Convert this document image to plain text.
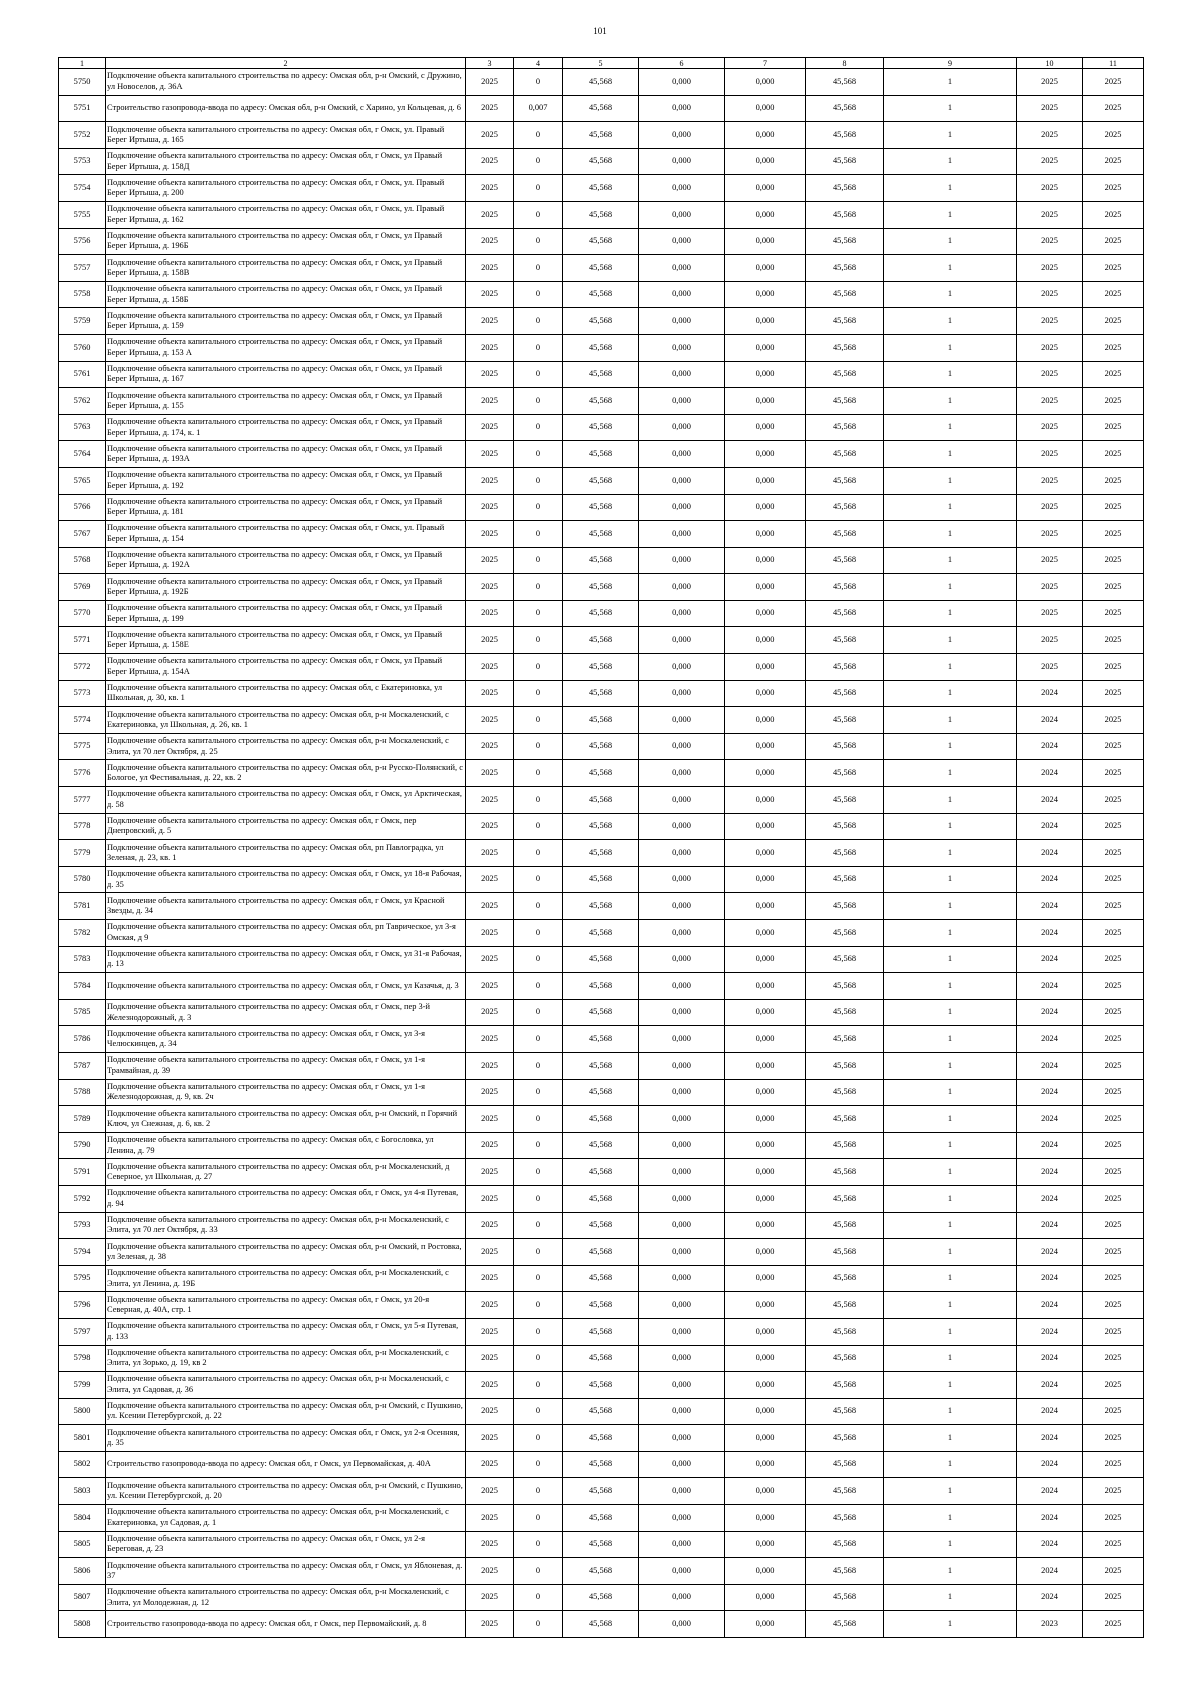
101
1	2	3	4	5	6	7	8	9	10	11
5750	Подключение объекта капитального строительства по адресу: Омская обл, р-н Омский, с Дружино, ул Новоселов, д. 36А	2025	0	45,568	0,000	0,000	45,568	1	2025	2025
5751	Строительство газопровода-ввода по адресу: Омская обл, р-н Омский, с Харино, ул Кольцевая, д. 6	2025	0,007	45,568	0,000	0,000	45,568	1	2025	2025
5752	Подключение объекта капитального строительства по адресу: Омская обл, г Омск, ул. Правый Берег Иртыша, д. 165	2025	0	45,568	0,000	0,000	45,568	1	2025	2025
5753	Подключение объекта капитального строительства по адресу: Омская обл, г Омск, ул Правый Берег Иртыша, д. 158Д	2025	0	45,568	0,000	0,000	45,568	1	2025	2025
5754	Подключение объекта капитального строительства по адресу: Омская обл, г Омск, ул. Правый Берег Иртыша, д. 200	2025	0	45,568	0,000	0,000	45,568	1	2025	2025
5755	Подключение объекта капитального строительства по адресу: Омская обл, г Омск, ул. Правый Берег Иртыша, д. 162	2025	0	45,568	0,000	0,000	45,568	1	2025	2025
5756	Подключение объекта капитального строительства по адресу: Омская обл, г Омск, ул Правый Берег Иртыша, д. 196Б	2025	0	45,568	0,000	0,000	45,568	1	2025	2025
5757	Подключение объекта капитального строительства по адресу: Омская обл, г Омск, ул Правый Берег Иртыша, д. 158В	2025	0	45,568	0,000	0,000	45,568	1	2025	2025
5758	Подключение объекта капитального строительства по адресу: Омская обл, г Омск, ул Правый Берег Иртыша, д. 158Б	2025	0	45,568	0,000	0,000	45,568	1	2025	2025
5759	Подключение объекта капитального строительства по адресу: Омская обл, г Омск, ул Правый Берег Иртыша, д. 159	2025	0	45,568	0,000	0,000	45,568	1	2025	2025
5760	Подключение объекта капитального строительства по адресу: Омская обл, г Омск, ул Правый Берег Иртыша, д. 153 А	2025	0	45,568	0,000	0,000	45,568	1	2025	2025
5761	Подключение объекта капитального строительства по адресу: Омская обл, г Омск, ул Правый Берег Иртыша, д. 167	2025	0	45,568	0,000	0,000	45,568	1	2025	2025
5762	Подключение объекта капитального строительства по адресу: Омская обл, г Омск, ул Правый Берег Иртыша, д. 155	2025	0	45,568	0,000	0,000	45,568	1	2025	2025
5763	Подключение объекта капитального строительства по адресу: Омская обл, г Омск, ул Правый Берег Иртыша, д. 174, к. 1	2025	0	45,568	0,000	0,000	45,568	1	2025	2025
5764	Подключение объекта капитального строительства по адресу: Омская обл, г Омск, ул Правый Берег Иртыша, д. 193А	2025	0	45,568	0,000	0,000	45,568	1	2025	2025
5765	Подключение объекта капитального строительства по адресу: Омская обл, г Омск, ул Правый Берег Иртыша, д. 192	2025	0	45,568	0,000	0,000	45,568	1	2025	2025
5766	Подключение объекта капитального строительства по адресу: Омская обл, г Омск, ул Правый Берег Иртыша, д. 181	2025	0	45,568	0,000	0,000	45,568	1	2025	2025
5767	Подключение объекта капитального строительства по адресу: Омская обл, г Омск, ул. Правый Берег Иртыша, д. 154	2025	0	45,568	0,000	0,000	45,568	1	2025	2025
5768	Подключение объекта капитального строительства по адресу: Омская обл, г Омск, ул Правый Берег Иртыша, д. 192А	2025	0	45,568	0,000	0,000	45,568	1	2025	2025
5769	Подключение объекта капитального строительства по адресу: Омская обл, г Омск, ул Правый Берег Иртыша, д. 192Б	2025	0	45,568	0,000	0,000	45,568	1	2025	2025
5770	Подключение объекта капитального строительства по адресу: Омская обл, г Омск, ул Правый Берег Иртыша, д. 199	2025	0	45,568	0,000	0,000	45,568	1	2025	2025
5771	Подключение объекта капитального строительства по адресу: Омская обл, г Омск, ул Правый Берег Иртыша, д. 158Е	2025	0	45,568	0,000	0,000	45,568	1	2025	2025
5772	Подключение объекта капитального строительства по адресу: Омская обл, г Омск, ул Правый Берег Иртыша, д. 154А	2025	0	45,568	0,000	0,000	45,568	1	2025	2025
5773	Подключение объекта капитального строительства по адресу: Омская обл, с Екатериновка, ул Школьная, д. 30, кв. 1	2025	0	45,568	0,000	0,000	45,568	1	2024	2025
5774	Подключение объекта капитального строительства по адресу: Омская обл, р-н Москаленский, с Екатериновка, ул Школьная, д. 26, кв. 1	2025	0	45,568	0,000	0,000	45,568	1	2024	2025
5775	Подключение объекта капитального строительства по адресу: Омская обл, р-н Москаленский, с Элита, ул 70 лет Октября, д. 25	2025	0	45,568	0,000	0,000	45,568	1	2024	2025
5776	Подключение объекта капитального строительства по адресу: Омская обл, р-н Русско-Полянский, с Бологое, ул Фестивальная, д. 22, кв. 2	2025	0	45,568	0,000	0,000	45,568	1	2024	2025
5777	Подключение объекта капитального строительства по адресу: Омская обл, г Омск, ул Арктическая, д. 58	2025	0	45,568	0,000	0,000	45,568	1	2024	2025
5778	Подключение объекта капитального строительства по адресу: Омская обл, г Омск, пер Днепровский, д. 5	2025	0	45,568	0,000	0,000	45,568	1	2024	2025
5779	Подключение объекта капитального строительства по адресу: Омская обл, рп Павлоградка, ул Зеленая, д. 23, кв. 1	2025	0	45,568	0,000	0,000	45,568	1	2024	2025
5780	Подключение объекта капитального строительства по адресу: Омская обл, г Омск, ул 18-я Рабочая, д. 35	2025	0	45,568	0,000	0,000	45,568	1	2024	2025
5781	Подключение объекта капитального строительства по адресу: Омская обл, г Омск, ул Красной Звезды, д. 34	2025	0	45,568	0,000	0,000	45,568	1	2024	2025
5782	Подключение объекта капитального строительства по адресу: Омская обл, рп Таврическое, ул 3-я Омская, д 9	2025	0	45,568	0,000	0,000	45,568	1	2024	2025
5783	Подключение объекта капитального строительства по адресу: Омская обл, г Омск, ул 31-я Рабочая, д. 13	2025	0	45,568	0,000	0,000	45,568	1	2024	2025
5784	Подключение объекта капитального строительства по адресу: Омская обл, г Омск, ул Казачья, д. 3	2025	0	45,568	0,000	0,000	45,568	1	2024	2025
5785	Подключение объекта капитального строительства по адресу: Омская обл, г Омск, пер 3-й Железнодорожный, д. 3	2025	0	45,568	0,000	0,000	45,568	1	2024	2025
5786	Подключение объекта капитального строительства по адресу: Омская обл, г Омск, ул 3-я Челюскинцев, д. 34	2025	0	45,568	0,000	0,000	45,568	1	2024	2025
5787	Подключение объекта капитального строительства по адресу: Омская обл, г Омск, ул 1-я Трамвайная, д. 39	2025	0	45,568	0,000	0,000	45,568	1	2024	2025
5788	Подключение объекта капитального строительства по адресу: Омская обл, г Омск, ул 1-я Железнодорожная, д. 9, кв. 2ч	2025	0	45,568	0,000	0,000	45,568	1	2024	2025
5789	Подключение объекта капитального строительства по адресу: Омская обл, р-н Омский, п Горячий Ключ, ул Снежная, д. 6, кв. 2	2025	0	45,568	0,000	0,000	45,568	1	2024	2025
5790	Подключение объекта капитального строительства по адресу: Омская обл, с Богословка, ул Ленина, д. 79	2025	0	45,568	0,000	0,000	45,568	1	2024	2025
5791	Подключение объекта капитального строительства по адресу: Омская обл, р-н Москаленский, д Северное, ул Школьная, д. 27	2025	0	45,568	0,000	0,000	45,568	1	2024	2025
5792	Подключение объекта капитального строительства по адресу: Омская обл, г Омск, ул 4-я Путевая, д. 94	2025	0	45,568	0,000	0,000	45,568	1	2024	2025
5793	Подключение объекта капитального строительства по адресу: Омская обл, р-н Москаленский, с Элита, ул 70 лет Октября, д. 33	2025	0	45,568	0,000	0,000	45,568	1	2024	2025
5794	Подключение объекта капитального строительства по адресу: Омская обл, р-н Омский, п Ростовка, ул Зеленая, д. 38	2025	0	45,568	0,000	0,000	45,568	1	2024	2025
5795	Подключение объекта капитального строительства по адресу: Омская обл, р-н Москаленский, с Элита, ул Ленина, д. 19Б	2025	0	45,568	0,000	0,000	45,568	1	2024	2025
5796	Подключение объекта капитального строительства по адресу: Омская обл, г Омск, ул 20-я Северная, д. 40А, стр. 1	2025	0	45,568	0,000	0,000	45,568	1	2024	2025
5797	Подключение объекта капитального строительства по адресу: Омская обл, г Омск, ул 5-я Путевая, д. 133	2025	0	45,568	0,000	0,000	45,568	1	2024	2025
5798	Подключение объекта капитального строительства по адресу: Омская обл, р-н Москаленский, с Элита, ул Зорько, д. 19, кв 2	2025	0	45,568	0,000	0,000	45,568	1	2024	2025
5799	Подключение объекта капитального строительства по адресу: Омская обл, р-н Москаленский, с Элита, ул Садовая, д. 36	2025	0	45,568	0,000	0,000	45,568	1	2024	2025
5800	Подключение объекта капитального строительства по адресу: Омская обл, р-н Омский, с Пушкино, ул. Ксении Петербургской, д. 22	2025	0	45,568	0,000	0,000	45,568	1	2024	2025
5801	Подключение объекта капитального строительства по адресу: Омская обл, г Омск, ул 2-я Осенняя, д. 35	2025	0	45,568	0,000	0,000	45,568	1	2024	2025
5802	Строительство газопровода-ввода по адресу: Омская обл, г Омск, ул Первомайская, д. 40А	2025	0	45,568	0,000	0,000	45,568	1	2024	2025
5803	Подключение объекта капитального строительства по адресу: Омская обл, р-н Омский, с Пушкино, ул. Ксении Петербургской, д. 20	2025	0	45,568	0,000	0,000	45,568	1	2024	2025
5804	Подключение объекта капитального строительства по адресу: Омская обл, р-н Москаленский, с Екатериновка, ул Садовая, д. 1	2025	0	45,568	0,000	0,000	45,568	1	2024	2025
5805	Подключение объекта капитального строительства по адресу: Омская обл, г Омск, ул 2-я Береговая, д. 23	2025	0	45,568	0,000	0,000	45,568	1	2024	2025
5806	Подключение объекта капитального строительства по адресу: Омская обл, г Омск, ул Яблоневая, д. 37	2025	0	45,568	0,000	0,000	45,568	1	2024	2025
5807	Подключение объекта капитального строительства по адресу: Омская обл, р-н Москаленский, с Элита, ул Молодежная, д. 12	2025	0	45,568	0,000	0,000	45,568	1	2024	2025
5808	Строительство газопровода-ввода по адресу: Омская обл, г Омск, пер Первомайский, д. 8	2025	0	45,568	0,000	0,000	45,568	1	2023	2025
